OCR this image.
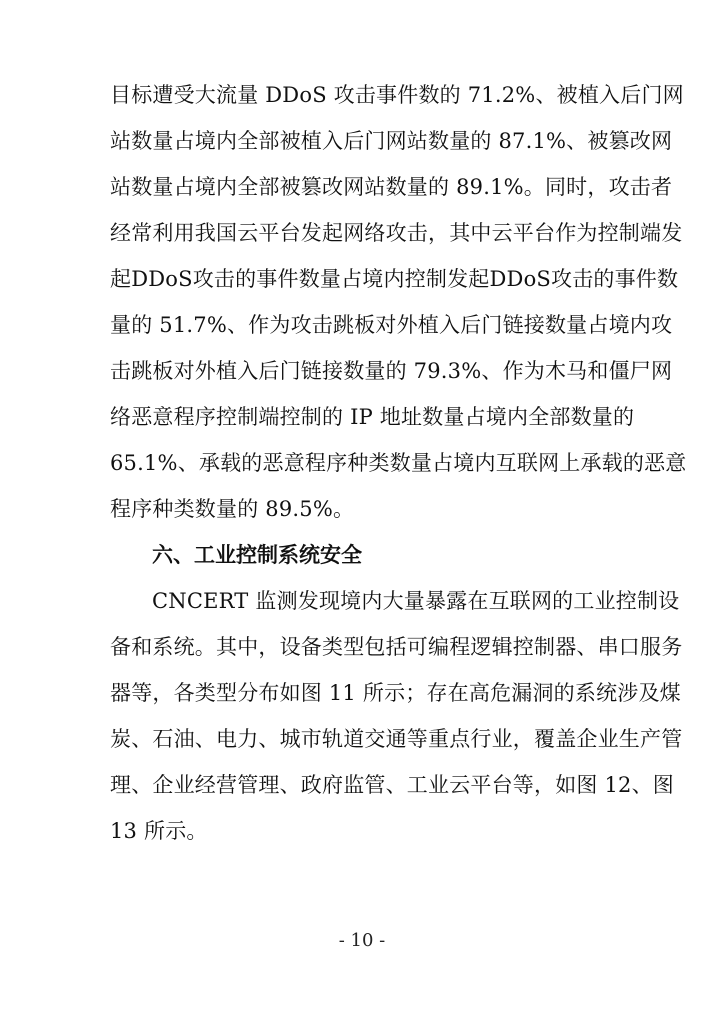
目标遭受大流量 DDoS 攻击事件数的 71.2%、被植入后门网
站数量占境内全部被植入后门网站数量的 87.1%、被篡改网
站数量占境内全部被篡改网站数量的 89.1%。同时，攻击者
经常利用我国云平台发起网络攻击，其中云平台作为控制端发
起DDoS攻击的事件数量占境内控制发起DDoS攻击的事件数
量的 51.7%、作为攻击跳板对外植入后门链接数量占境内攻
击跳板对外植入后门链接数量的 79.3%、作为木马和僵尸网
络恶意程序控制端控制的 IP 地址数量占境内全部数量的
65.1%、承载的恶意程序种类数量占境内互联网上承载的恶意
程序种类数量的 89.5%。
六、工业控制系统安全
CNCERT 监测发现境内大量暴露在互联网的工业控制设
备和系统。其中，设备类型包括可编程逻辑控制器、串口服务
器等，各类型分布如图 11 所示；存在高危漏洞的系统涉及煤
炭、石油、电力、城市轨道交通等重点行业，覆盖企业生产管
理、企业经营管理、政府监管、工业云平台等，如图 12、图
13 所示。
- 10 -
